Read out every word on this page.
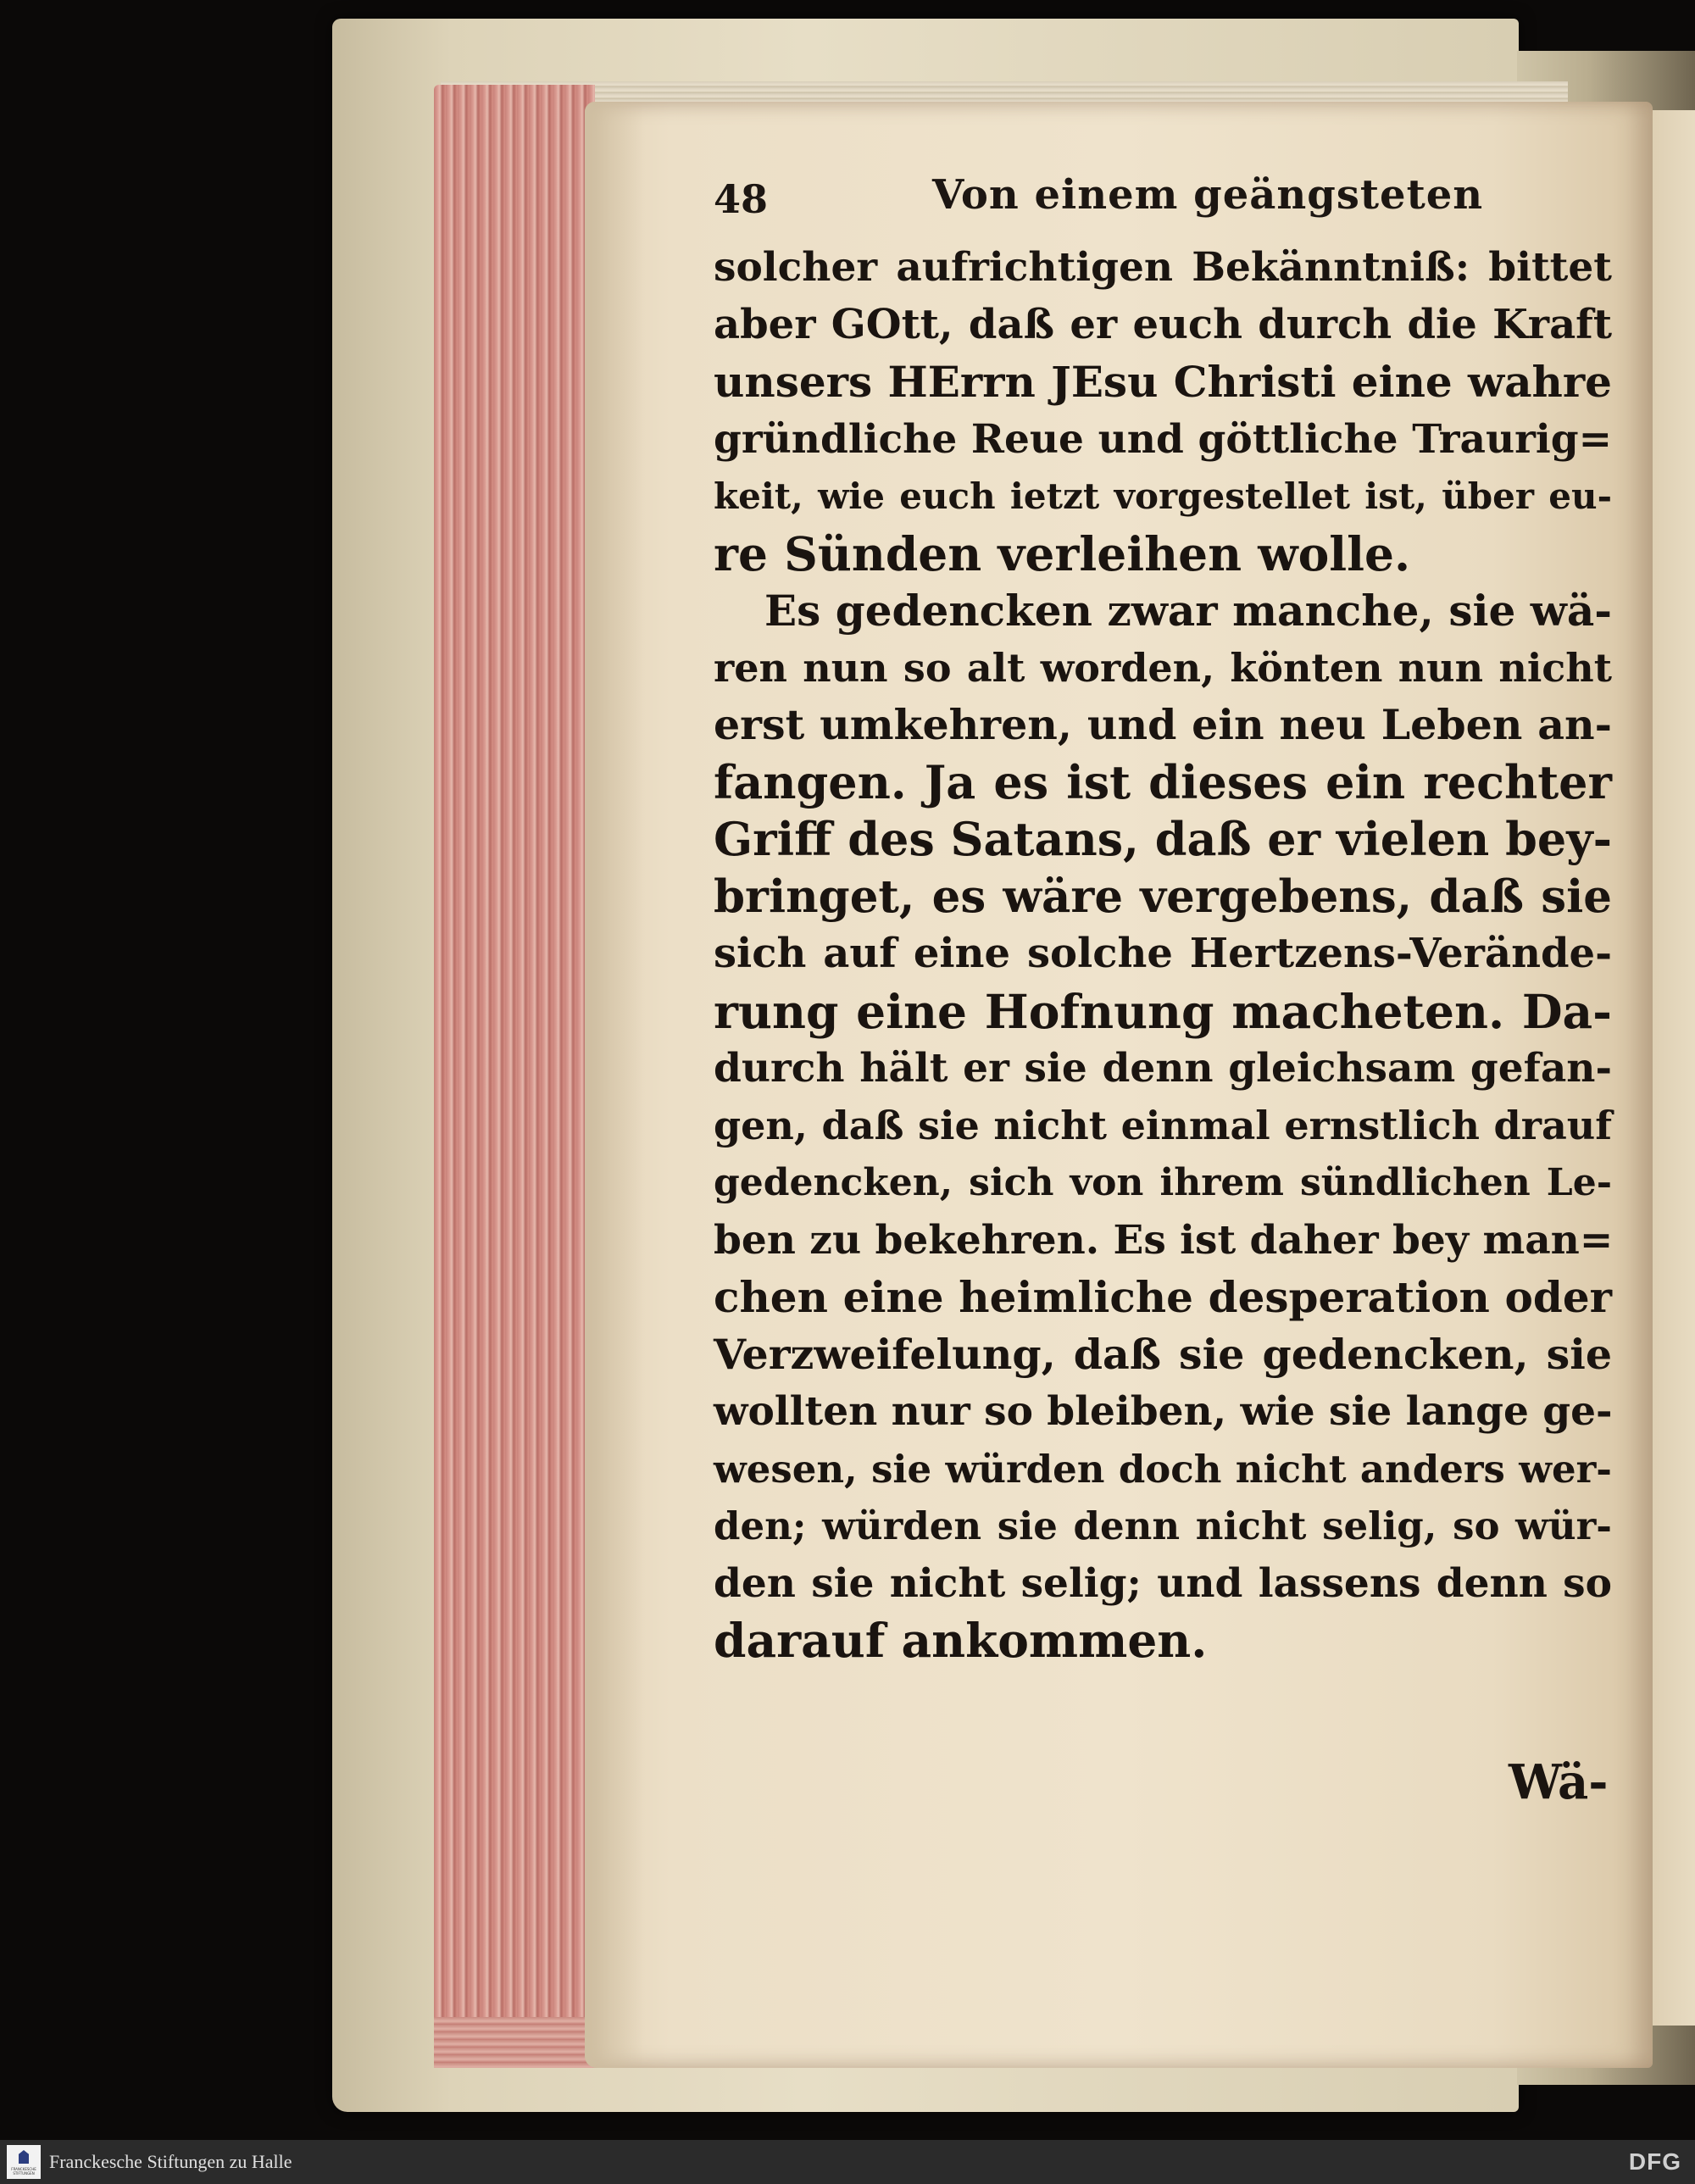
48	Von einem geängsteten
solcher aufrichtigen Bekänntniß: bittet
aber GOtt, daß er euch durch die Kraft
unsers HErrn JEsu Christi eine wahre
gründliche Reue und göttliche Traurig=
keit, wie euch ietzt vorgestellet ist, über eu-
re Sünden verleihen wolle.
Es gedencken zwar manche, sie wä-
ren nun so alt worden, könten nun nicht
erst umkehren, und ein neu Leben an-
fangen. Ja es ist dieses ein rechter
Griff des Satans, daß er vielen bey-
bringet, es wäre vergebens, daß sie
sich auf eine solche Hertzens-Verände-
rung eine Hofnung macheten. Da-
durch hält er sie denn gleichsam gefan-
gen, daß sie nicht einmal ernstlich drauf
gedencken, sich von ihrem sündlichen Le-
ben zu bekehren. Es ist daher bey man=
chen eine heimliche desperation oder
Verzweifelung, daß sie gedencken, sie
wollten nur so bleiben, wie sie lange ge-
wesen, sie würden doch nicht anders wer-
den; würden sie denn nicht selig, so wür-
den sie nicht selig; und lassens denn so
darauf ankommen.
Wä-
FRANCKESCHE STIFTUNGEN
Franckesche Stiftungen zu Halle	DFG
